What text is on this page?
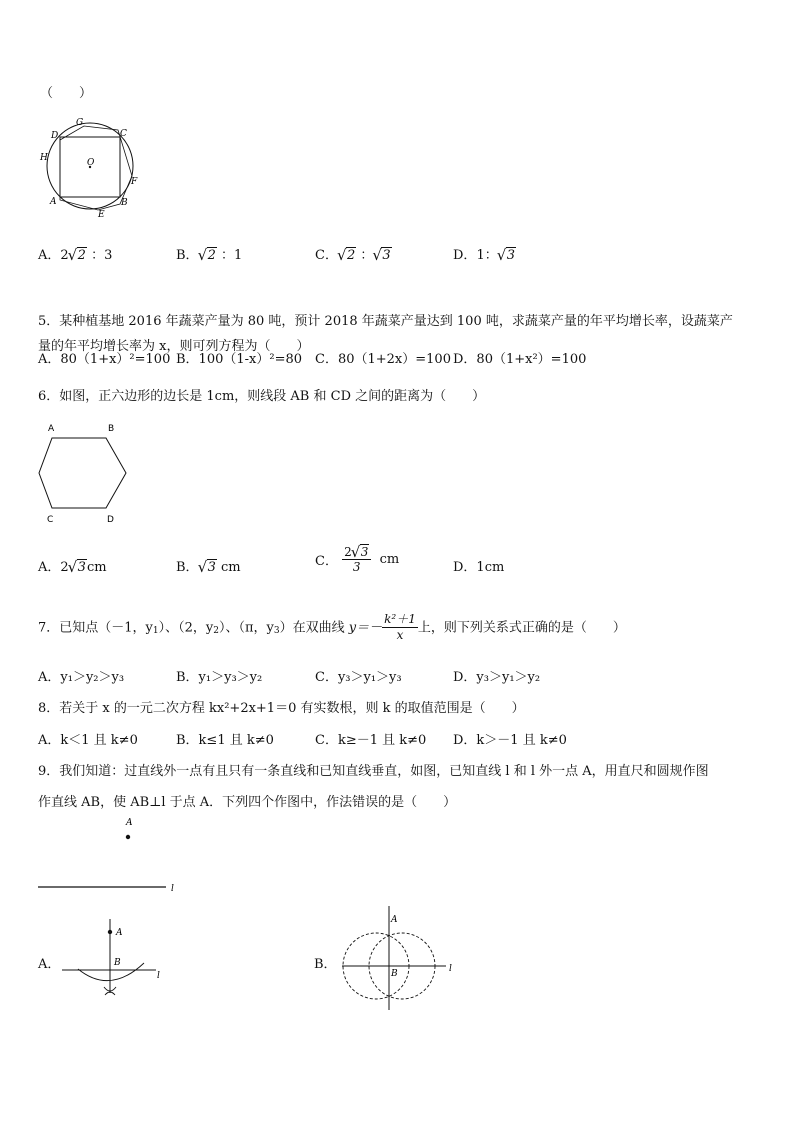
（　　）
D
G
C
H	O
F
A
E
B
A．2 √ 2 ：3	B． √ 2 ：1	C． √ 2 ： √ 3	D．1： √ 3
5．某种植基地 2016 年蔬菜产量为 80 吨，预计 2018 年蔬菜产量达到 100 吨，求蔬菜产量的年平均增长率，设蔬菜产
量的年平均增长率为 x，则可列方程为（　　）
A．80（1+x）²=100 B．100（1-x）²=80 C．80（1+2x）=100 D．80（1+x²）=100
6．如图，正六边形的边长是 1cm，则线段 AB 和 CD 之间的距离为（　　）
A	B
C	D
A．2 √ 3cm	B． √ 3 cm	C． $\frac{2 √ 3}{3}$ cm
D．1cm
7．已知点（－1，$y_1$）、（2，$y_2$）、（π，$y_3$）在双曲线 $y=- \frac{\text{k²＋1}}{x}$ 上，则下列关系式正确的是（　　）
A．y₁＞y₂＞y₃	B．y₁＞y₃＞y₂	C．y₃＞y₁＞y₃	D．y₃＞y₁＞y₂
8．若关于 x 的一元二次方程 kx²+2x+1＝0 有实数根，则 k 的取值范围是（　　）
A．k＜1 且 k≠0	B．k≤1 且 k≠0	C．k≥－1 且 k≠0 D．k＞－1 且 k≠0
9．我们知道：过直线外一点有且只有一条直线和已知直线垂直，如图，已知直线 l 和 l 外一点 A，用直尺和圆规作图
作直线 AB，使 AB⊥l 于点 A．下列四个作图中，作法错误的是（　　）
A
l
A．
A
B
l
B．
A
B	l
